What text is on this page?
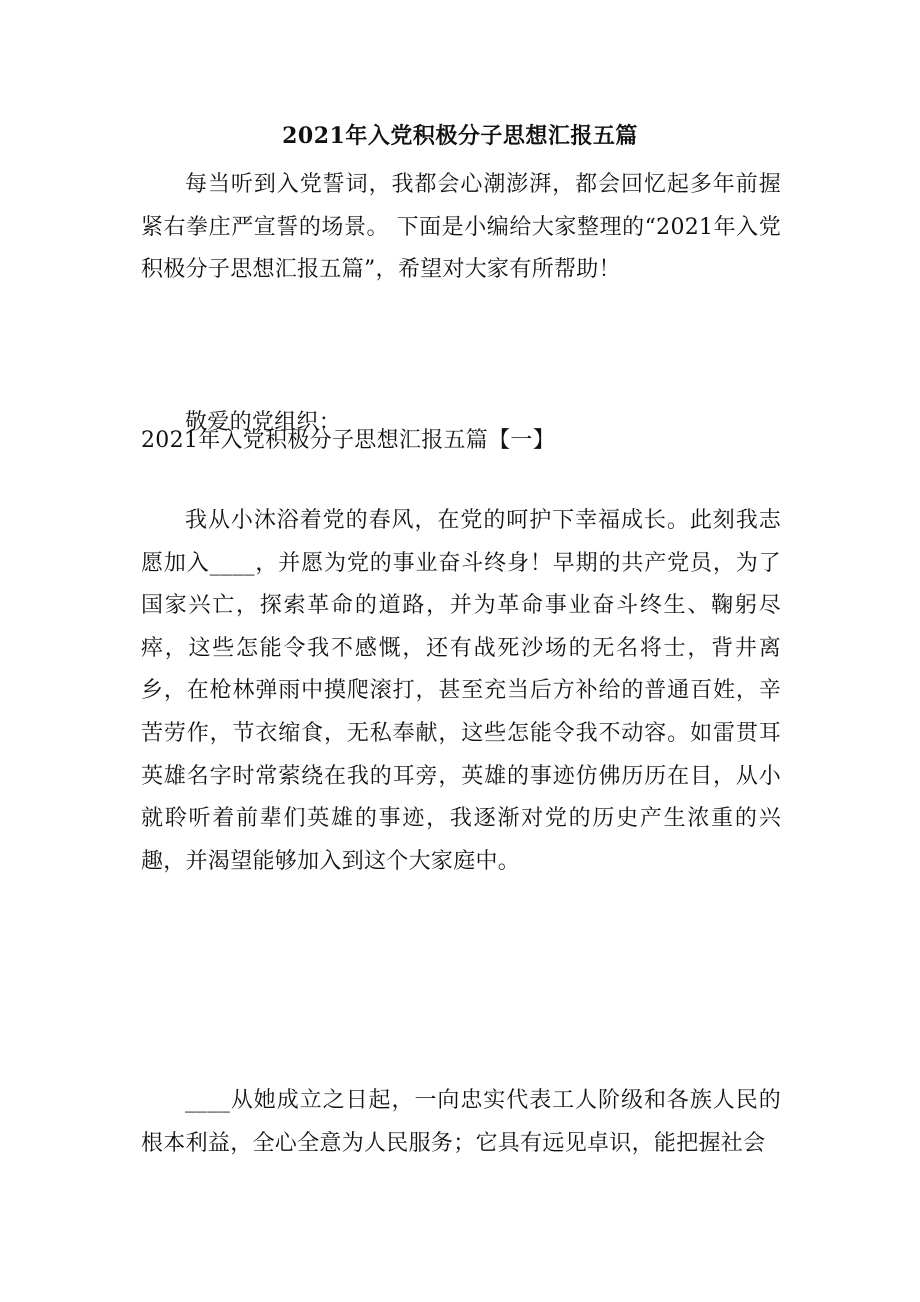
2021年入党积极分子思想汇报五篇

每当听到入党誓词，我都会心潮澎湃，都会回忆起多年前握紧右拳庄严宣誓的场景。 下面是小编给大家整理的“2021年入党积极分子思想汇报五篇”，希望对大家有所帮助！

2021年入党积极分子思想汇报五篇【一】
敬爱的党组织：

我从小沐浴着党的春风，在党的呵护下幸福成长。此刻我志愿加入____，并愿为党的事业奋斗终身！早期的共产党员，为了国家兴亡，探索革命的道路，并为革命事业奋斗终生、鞠躬尽瘁，这些怎能令我不感慨，还有战死沙场的无名将士，背井离乡，在枪林弹雨中摸爬滚打，甚至充当后方补给的普通百姓，辛苦劳作，节衣缩食，无私奉献，这些怎能令我不动容。如雷贯耳英雄名字时常萦绕在我的耳旁，英雄的事迹仿佛历历在目，从小就聆听着前辈们英雄的事迹，我逐渐对党的历史产生浓重的兴趣，并渴望能够加入到这个大家庭中。

____从她成立之日起，一向忠实代表工人阶级和各族人民的根本利益，全心全意为人民服务；它具有远见卓识，能把握社会
